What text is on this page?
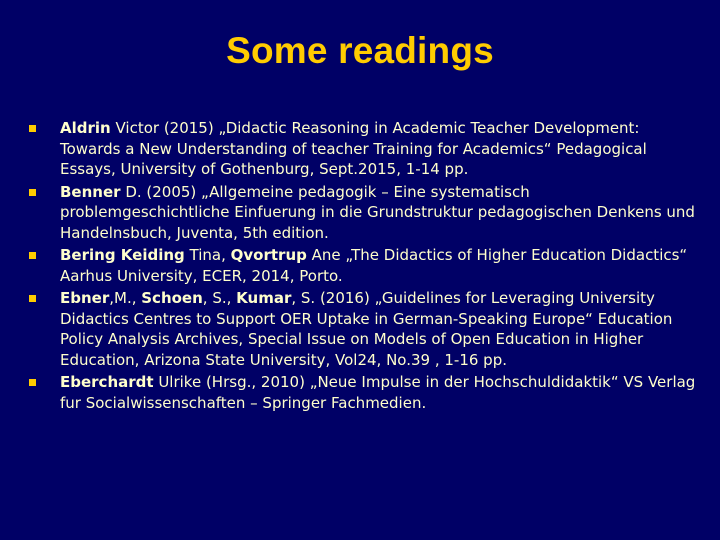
Some readings
Aldrin Victor (2015) „Didactic Reasoning in Academic Teacher Development: Towards a New Understanding of teacher Training for Academics“ Pedagogical Essays, University of Gothenburg, Sept.2015, 1-14 pp.
Benner D. (2005) „Allgemeine pedagogik – Eine systematisch problemgeschichtliche Einfuerung in die Grundstruktur pedagogischen Denkens und Handelnsbuch, Juventa, 5th edition.
Bering Keiding Tina, Qvortrup Ane „The Didactics of Higher Education Didactics“ Aarhus University, ECER, 2014, Porto.
Ebner,M., Schoen, S., Kumar, S. (2016) „Guidelines for Leveraging University Didactics Centres to Support OER Uptake in German-Speaking Europe“ Education Policy Analysis Archives, Special Issue on Models of Open Education in Higher Education, Arizona State University, Vol24, No.39 , 1-16 pp.
Eberchardt Ulrike (Hrsg., 2010) „Neue Impulse in der Hochschuldidaktik“ VS Verlag fur Socialwissenschaften – Springer Fachmedien.
